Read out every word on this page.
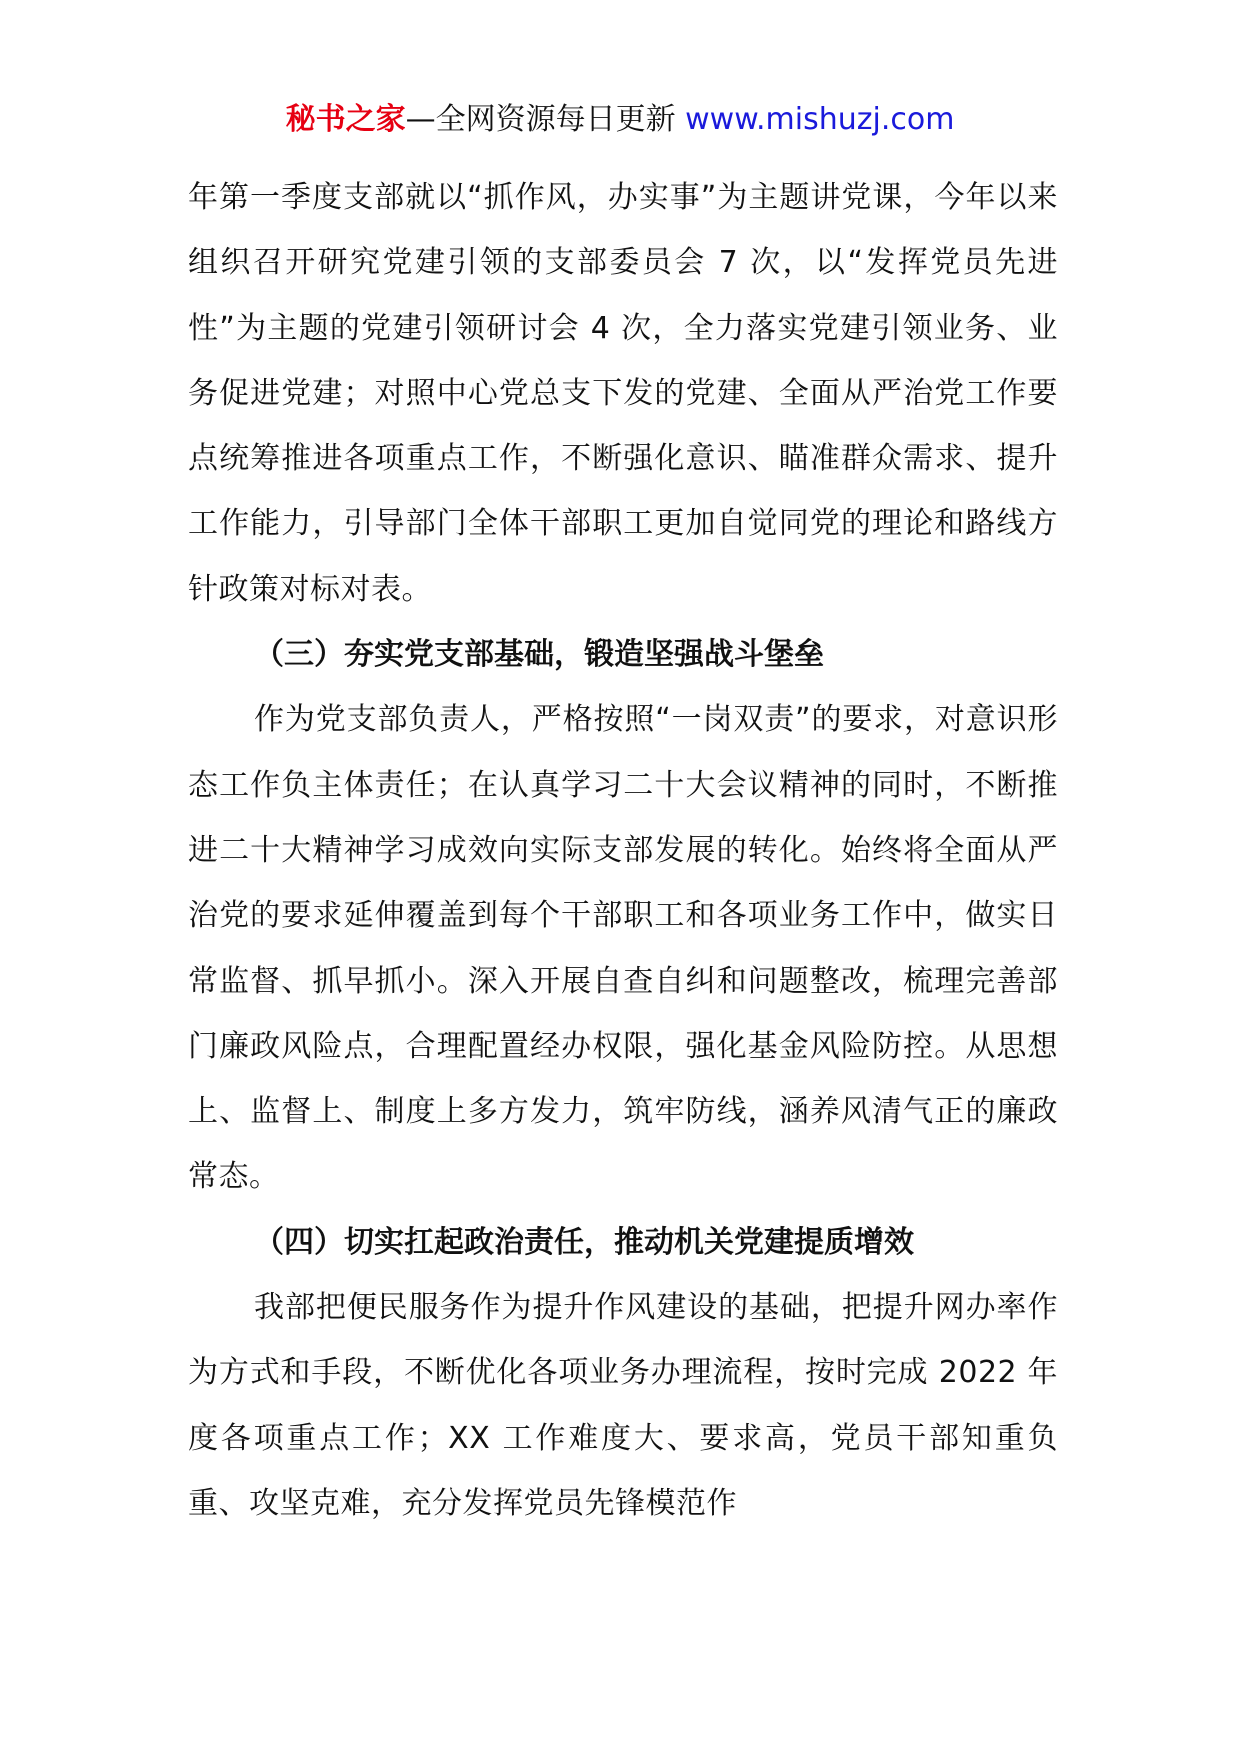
秘书之家—全网资源每日更新 www.mishuzj.com

年第一季度支部就以“抓作风，办实事”为主题讲党课，今年以来组织召开研究党建引领的支部委员会 7 次，以“发挥党员先进性”为主题的党建引领研讨会 4 次，全力落实党建引领业务、业务促进党建；对照中心党总支下发的党建、全面从严治党工作要点统筹推进各项重点工作，不断强化意识、瞄准群众需求、提升工作能力，引导部门全体干部职工更加自觉同党的理论和路线方针政策对标对表。

（三）夯实党支部基础，锻造坚强战斗堡垒

作为党支部负责人，严格按照“一岗双责”的要求，对意识形态工作负主体责任；在认真学习二十大会议精神的同时，不断推进二十大精神学习成效向实际支部发展的转化。始终将全面从严治党的要求延伸覆盖到每个干部职工和各项业务工作中，做实日常监督、抓早抓小。深入开展自查自纠和问题整改，梳理完善部门廉政风险点，合理配置经办权限，强化基金风险防控。从思想上、监督上、制度上多方发力，筑牢防线，涵养风清气正的廉政常态。

（四）切实扛起政治责任，推动机关党建提质增效

我部把便民服务作为提升作风建设的基础，把提升网办率作为方式和手段，不断优化各项业务办理流程，按时完成 2022 年度各项重点工作；XX 工作难度大、要求高，党员干部知重负重、攻坚克难，充分发挥党员先锋模范作
